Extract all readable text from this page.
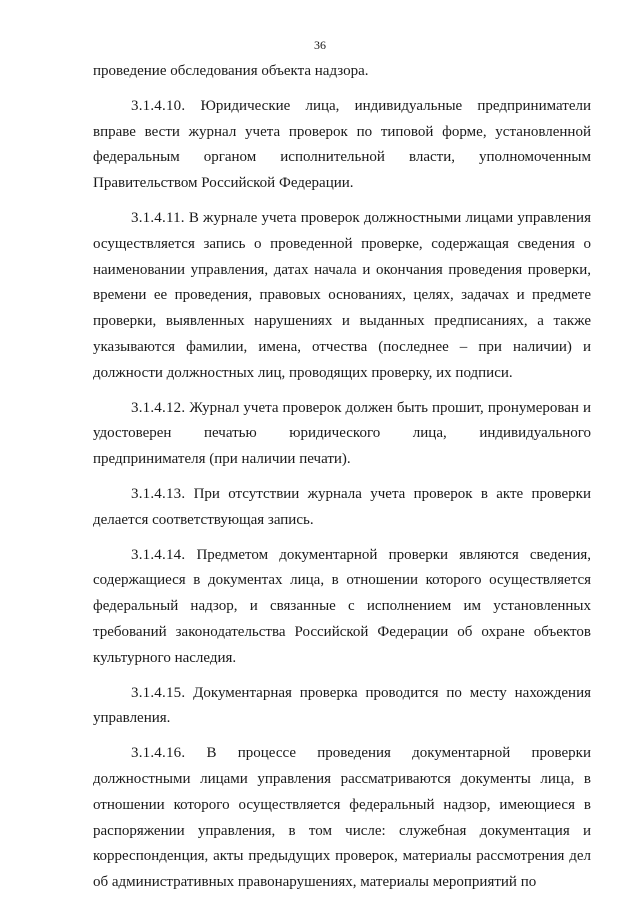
36

проведение обследования объекта надзора.

3.1.4.10. Юридические лица, индивидуальные предприниматели вправе вести журнал учета проверок по типовой форме, установленной федеральным органом исполнительной власти, уполномоченным Правительством Российской Федерации.

3.1.4.11. В журнале учета проверок должностными лицами управления осуществляется запись о проведенной проверке, содержащая сведения о наименовании управления, датах начала и окончания проведения проверки, времени ее проведения, правовых основаниях, целях, задачах и предмете проверки, выявленных нарушениях и выданных предписаниях, а также указываются фамилии, имена, отчества (последнее – при наличии) и должности должностных лиц, проводящих проверку, их подписи.

3.1.4.12. Журнал учета проверок должен быть прошит, пронумерован и удостоверен печатью юридического лица, индивидуального предпринимателя (при наличии печати).

3.1.4.13. При отсутствии журнала учета проверок в акте проверки делается соответствующая запись.

3.1.4.14. Предметом документарной проверки являются сведения, содержащиеся в документах лица, в отношении которого осуществляется федеральный надзор, и связанные с исполнением им установленных требований законодательства Российской Федерации об охране объектов культурного наследия.

3.1.4.15. Документарная проверка проводится по месту нахождения управления.

3.1.4.16. В процессе проведения документарной проверки должностными лицами управления рассматриваются документы лица, в отношении которого осуществляется федеральный надзор, имеющиеся в распоряжении управления, в том числе: служебная документация и корреспонденция, акты предыдущих проверок, материалы рассмотрения дел об административных правонарушениях, материалы мероприятий по
